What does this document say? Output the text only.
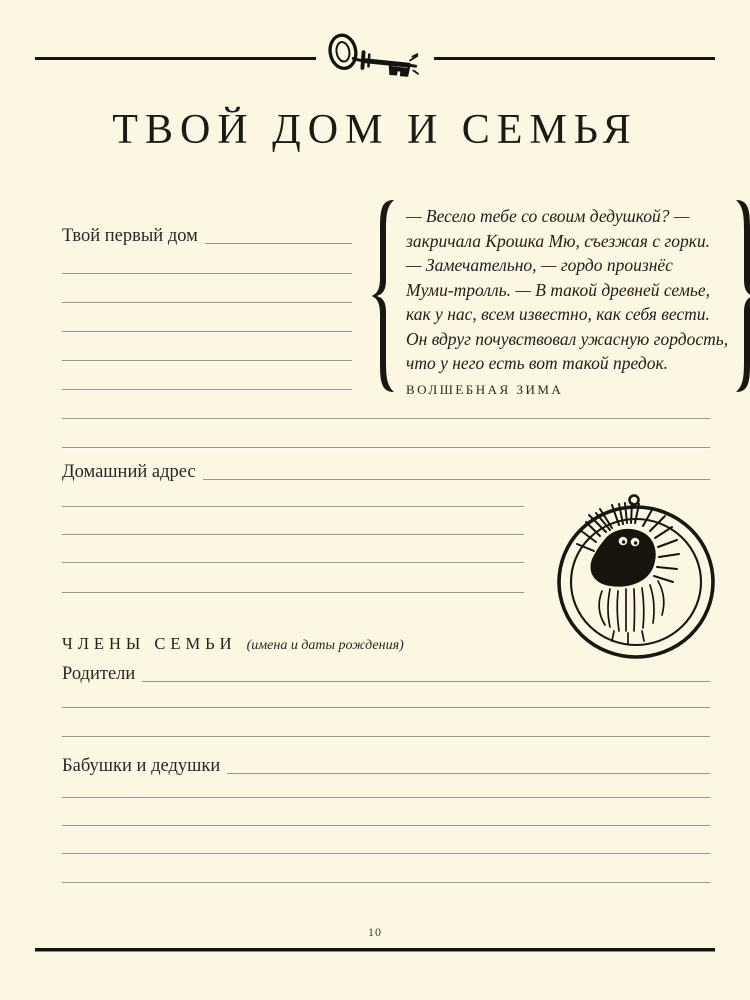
ТВОЙ ДОМ И СЕМЬЯ
Твой первый дом
— Весело тебе со своим дедушкой? —
закричала Крошка Мю, съезжая с горки.
— Замечательно, — гордо произнёс
Муми-тролль. — В такой древней семье,
как у нас, всем известно, как себя вести.
Он вдруг почувствовал ужасную гордость,
что у него есть вот такой предок.
ВОЛШЕБНАЯ ЗИМА
Домашний адрес
ЧЛЕНЫ СЕМЬИ (имена и даты рождения)
Родители
Бабушки и дедушки
10
